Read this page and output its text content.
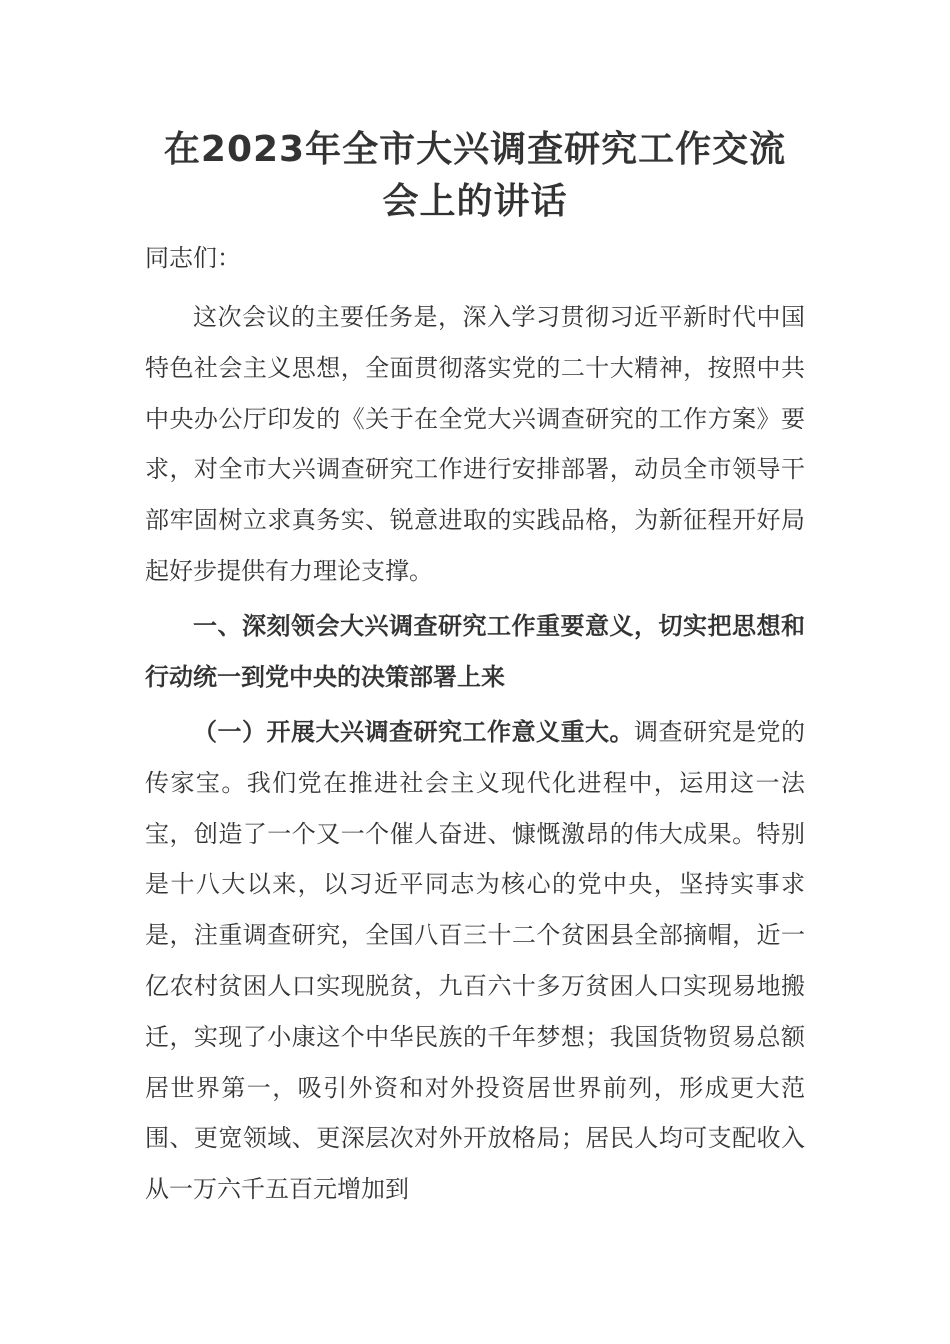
在2023年全市大兴调查研究工作交流
会上的讲话

同志们：

这次会议的主要任务是，深入学习贯彻习近平新时代中国特色社会主义思想，全面贯彻落实党的二十大精神，按照中共中央办公厅印发的《关于在全党大兴调查研究的工作方案》要求，对全市大兴调查研究工作进行安排部署，动员全市领导干部牢固树立求真务实、锐意进取的实践品格，为新征程开好局起好步提供有力理论支撑。

一、深刻领会大兴调查研究工作重要意义，切实把思想和行动统一到党中央的决策部署上来

（一）开展大兴调查研究工作意义重大。调查研究是党的传家宝。我们党在推进社会主义现代化进程中，运用这一法宝，创造了一个又一个催人奋进、慷慨激昂的伟大成果。特别是十八大以来，以习近平同志为核心的党中央，坚持实事求是，注重调查研究，全国八百三十二个贫困县全部摘帽，近一亿农村贫困人口实现脱贫，九百六十多万贫困人口实现易地搬迁，实现了小康这个中华民族的千年梦想；我国货物贸易总额居世界第一，吸引外资和对外投资居世界前列，形成更大范围、更宽领域、更深层次对外开放格局；居民人均可支配收入从一万六千五百元增加到
